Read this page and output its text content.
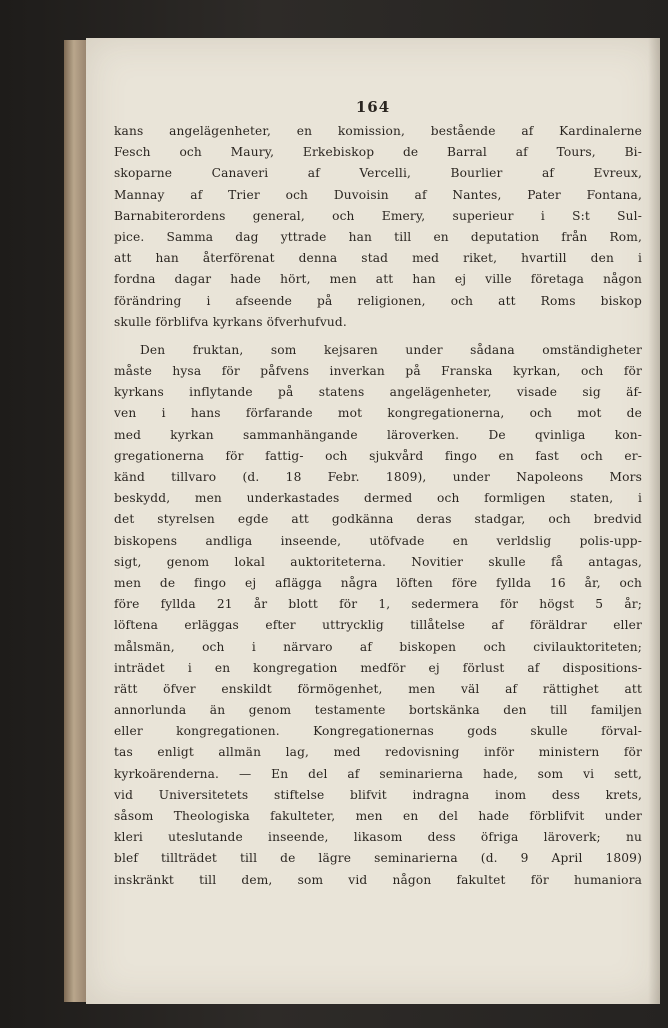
164
kans angelägenheter, en komission, bestående af Kardinalerne
Fesch och Maury, Erkebiskop de Barral af Tours, Bi-
skoparne Canaveri af Vercelli, Bourlier af Evreux,
Mannay af Trier och Duvoisin af Nantes, Pater Fontana,
Barnabiterordens general, och Emery, superieur i S:t Sul-
pice. Samma dag yttrade han till en deputation från Rom,
att han återförenat denna stad med riket, hvartill den i
fordna dagar hade hört, men att han ej ville företaga någon
förändring i afseende på religionen, och att Roms biskop
skulle förblifva kyrkans öfverhufvud.
Den fruktan, som kejsaren under sådana omständigheter
måste hysa för påfvens inverkan på Franska kyrkan, och för
kyrkans inflytande på statens angelägenheter, visade sig äf-
ven i hans förfarande mot kongregationerna, och mot de
med kyrkan sammanhängande läroverken. De qvinliga kon-
gregationerna för fattig- och sjukvård fingo en fast och er-
känd tillvaro (d. 18 Febr. 1809), under Napoleons Mors
beskydd, men underkastades dermed och formligen staten, i
det styrelsen egde att godkänna deras stadgar, och bredvid
biskopens andliga inseende, utöfvade en verldslig polis-upp-
sigt, genom lokal auktoriteterna. Novitier skulle få antagas,
men de fingo ej aflägga några löften före fyllda 16 år, och
före fyllda 21 år blott för 1, sedermera för högst 5 år;
löftena erläggas efter uttrycklig tillåtelse af föräldrar eller
målsmän, och i närvaro af biskopen och civilauktoriteten;
inträdet i en kongregation medför ej förlust af dispositions-
rätt öfver enskildt förmögenhet, men väl af rättighet att
annorlunda än genom testamente bortskänka den till familjen
eller kongregationen. Kongregationernas gods skulle förval-
tas enligt allmän lag, med redovisning inför ministern för
kyrkoärenderna. — En del af seminarierna hade, som vi sett,
vid Universitetets stiftelse blifvit indragna inom dess krets,
såsom Theologiska fakulteter, men en del hade förblifvit under
kleri uteslutande inseende, likasom dess öfriga läroverk; nu
blef tillträdet till de lägre seminarierna (d. 9 April 1809)
inskränkt till dem, som vid någon fakultet för humaniora
